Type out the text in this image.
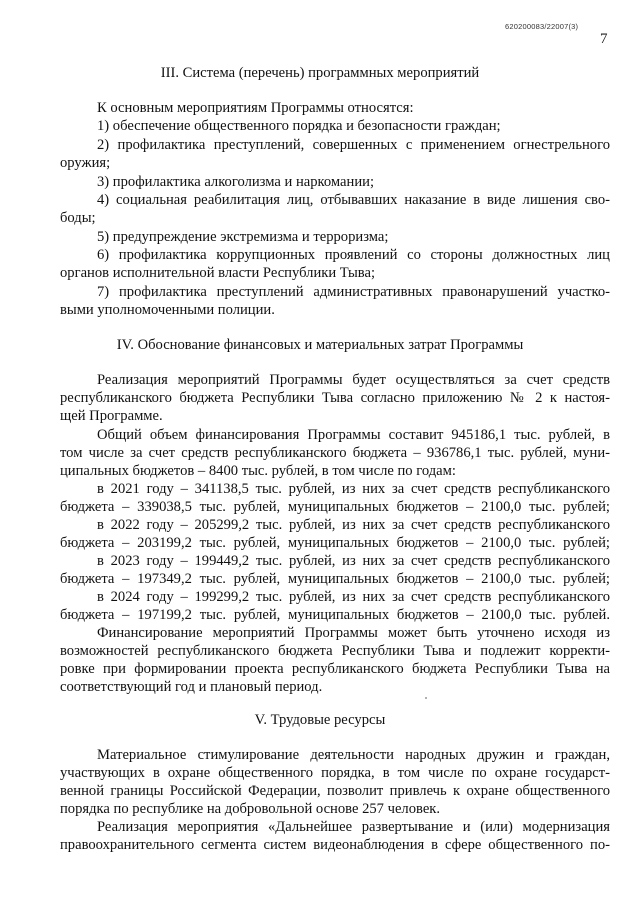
620200083/22007(3)
7
III. Система (перечень) программных мероприятий
К основным мероприятиям Программы относятся:
1) обеспечение общественного порядка и безопасности граждан;
2) профилактика преступлений, совершенных с применением огнестрельного
оружия;
3) профилактика алкоголизма и наркомании;
4) социальная реабилитация лиц, отбывавших наказание в виде лишения сво-
боды;
5) предупреждение экстремизма и терроризма;
6) профилактика коррупционных проявлений со стороны должностных лиц
органов исполнительной власти Республики Тыва;
7) профилактика преступлений административных правонарушений участко-
выми уполномоченными полиции.
IV. Обоснование финансовых и материальных затрат Программы
Реализация мероприятий Программы будет осуществляться за счет средств
республиканского бюджета Республики Тыва согласно приложению № 2 к настоя-
щей Программе.
Общий объем финансирования Программы составит 945186,1 тыс. рублей, в
том числе за счет средств республиканского бюджета – 936786,1 тыс. рублей, муни-
ципальных бюджетов – 8400 тыс. рублей, в том числе по годам:
в 2021 году – 341138,5 тыс. рублей, из них за счет средств республиканского
бюджета – 339038,5 тыс. рублей, муниципальных бюджетов – 2100,0 тыс. рублей;
в 2022 году – 205299,2 тыс. рублей, из них за счет средств республиканского
бюджета – 203199,2 тыс. рублей, муниципальных бюджетов – 2100,0 тыс. рублей;
в 2023 году – 199449,2 тыс. рублей, из них за счет средств республиканского
бюджета – 197349,2 тыс. рублей, муниципальных бюджетов – 2100,0 тыс. рублей;
в 2024 году – 199299,2 тыс. рублей, из них за счет средств республиканского
бюджета – 197199,2 тыс. рублей, муниципальных бюджетов – 2100,0 тыс. рублей.
Финансирование мероприятий Программы может быть уточнено исходя из
возможностей республиканского бюджета Республики Тыва и подлежит корректи-
ровке при формировании проекта республиканского бюджета Республики Тыва на
соответствующий год и плановый период.
V. Трудовые ресурсы
Материальное стимулирование деятельности народных дружин и граждан,
участвующих в охране общественного порядка, в том числе по охране государст-
венной границы Российской Федерации, позволит привлечь к охране общественного
порядка по республике на добровольной основе 257 человек.
Реализация мероприятия «Дальнейшее развертывание и (или) модернизация
правоохранительного сегмента систем видеонаблюдения в сфере общественного по-
